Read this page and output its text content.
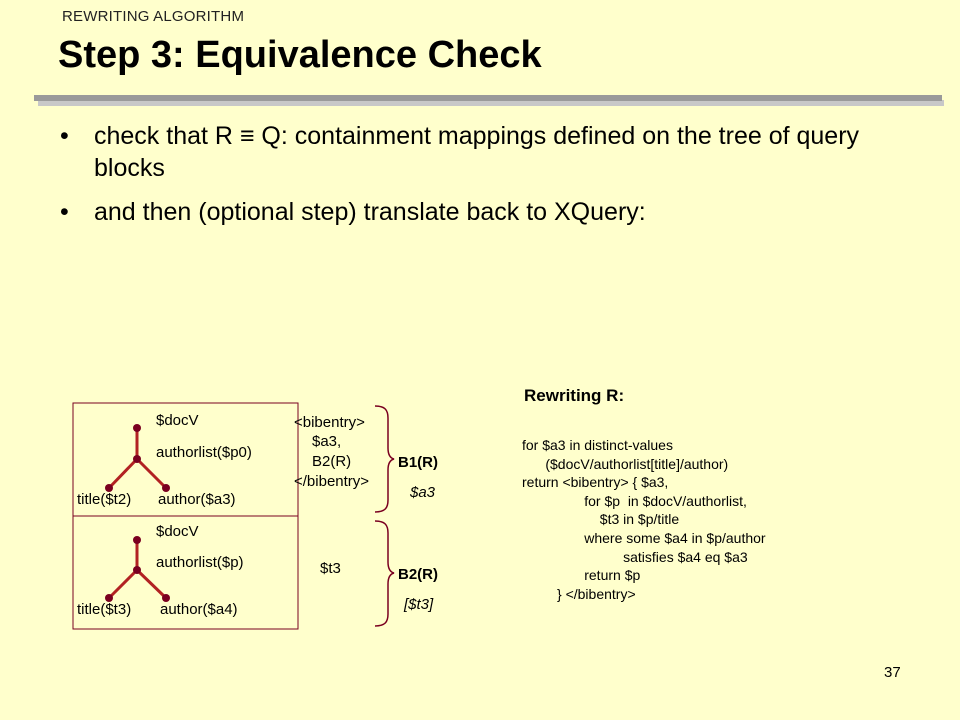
REWRITING ALGORITHM
Step 3: Equivalence Check
• check that R ≡ Q: containment mappings defined on the tree of query blocks
• and then (optional step) translate back to XQuery:
$docV
authorlist($p0)
title($t2) author($a3)
$docV
authorlist($p)
title($t3) author($a4)
<bibentry>
$a3,
B2(R)
</bibentry>
$t3
B1(R)
$a3
B2(R)
[$t3]
Rewriting R:
for $a3 in distinct-values
($docV/authorlist[title]/author)
return <bibentry> { $a3,
for $p  in $docV/authorlist,
$t3 in $p/title
where some $a4 in $p/author
satisfies $a4 eq $a3
return $p
} </bibentry>
37
